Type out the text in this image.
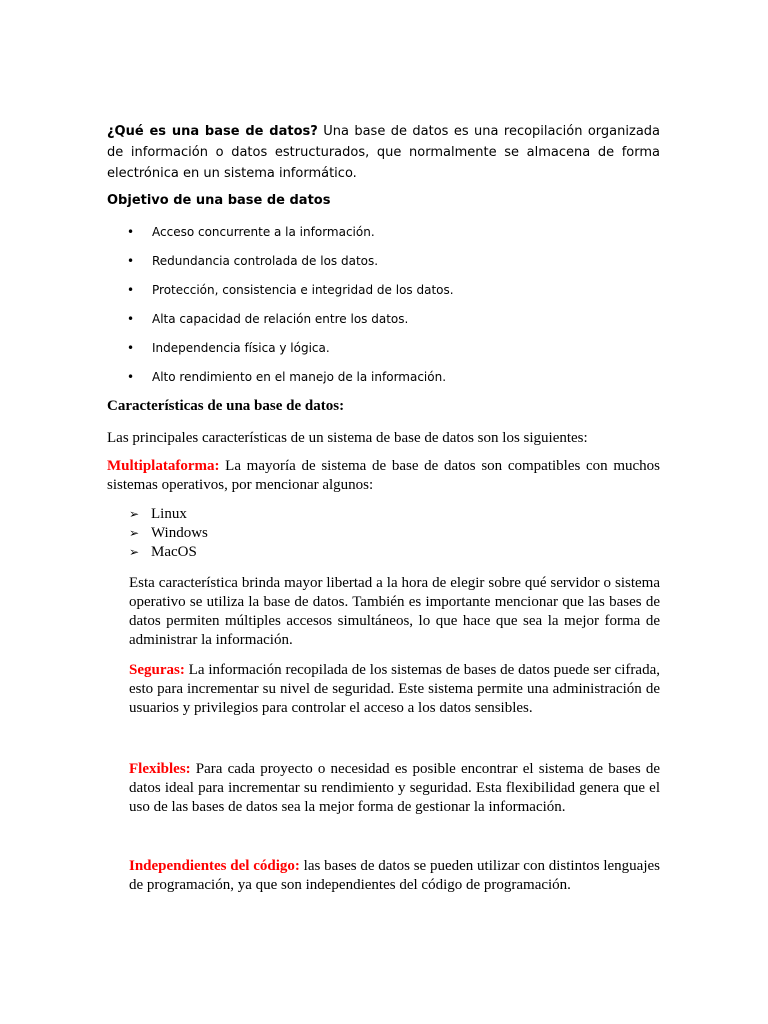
¿Qué es una base de datos? Una base de datos es una recopilación organizada de información o datos estructurados, que normalmente se almacena de forma electrónica en un sistema informático.

Objetivo de una base de datos
• Acceso concurrente a la información.
• Redundancia controlada de los datos.
• Protección, consistencia e integridad de los datos.
• Alta capacidad de relación entre los datos.
• Independencia física y lógica.
• Alto rendimiento en el manejo de la información.
Características de una base de datos:

Las principales características de un sistema de base de datos son los siguientes:

Multiplataforma: La mayoría de sistema de base de datos son compatibles con muchos sistemas operativos, por mencionar algunos:

➢ Linux
➢ Windows
➢ MacOS

Esta característica brinda mayor libertad a la hora de elegir sobre qué servidor o sistema operativo se utiliza la base de datos. También es importante mencionar que las bases de datos permiten múltiples accesos simultáneos, lo que hace que sea la mejor forma de administrar la información.

Seguras: La información recopilada de los sistemas de bases de datos puede ser cifrada, esto para incrementar su nivel de seguridad. Este sistema permite una administración de usuarios y privilegios para controlar el acceso a los datos sensibles.

Flexibles: Para cada proyecto o necesidad es posible encontrar el sistema de bases de datos ideal para incrementar su rendimiento y seguridad. Esta flexibilidad genera que el uso de las bases de datos sea la mejor forma de gestionar la información.

Independientes del código: las bases de datos se pueden utilizar con distintos lenguajes de programación, ya que son independientes del código de programación.
